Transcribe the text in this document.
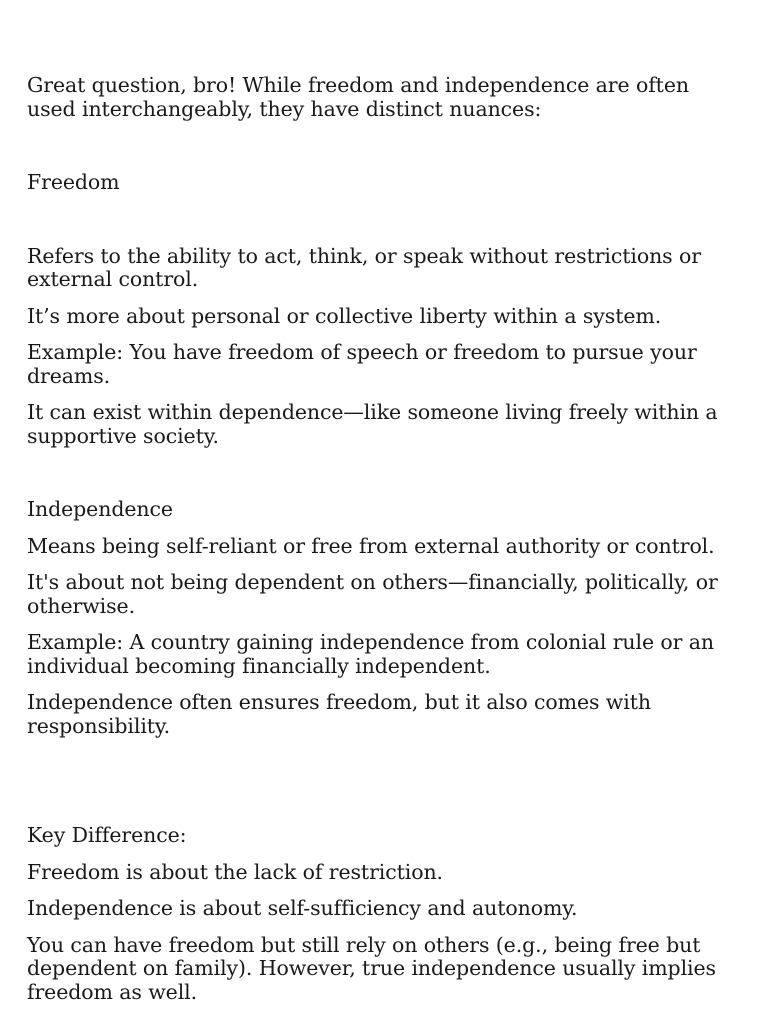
Great question, bro! While freedom and independence are often used interchangeably, they have distinct nuances:

Freedom

Refers to the ability to act, think, or speak without restrictions or external control.

It’s more about personal or collective liberty within a system.

Example: You have freedom of speech or freedom to pursue your dreams.

It can exist within dependence—like someone living freely within a supportive society.

Independence

Means being self-reliant or free from external authority or control.

It's about not being dependent on others—financially, politically, or otherwise.

Example: A country gaining independence from colonial rule or an individual becoming financially independent.

Independence often ensures freedom, but it also comes with responsibility.

Key Difference:

Freedom is about the lack of restriction.

Independence is about self-sufficiency and autonomy.

You can have freedom but still rely on others (e.g., being free but dependent on family). However, true independence usually implies freedom as well.
